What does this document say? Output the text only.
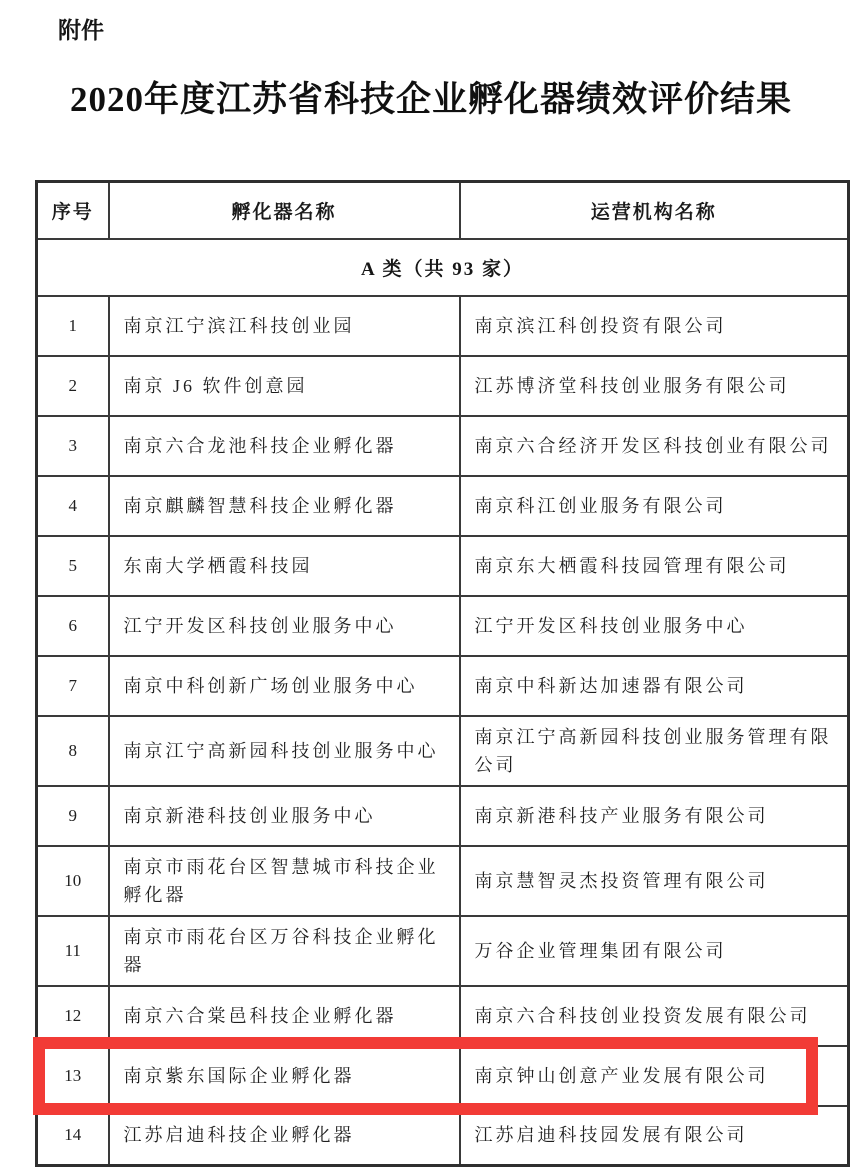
附件
2020年度江苏省科技企业孵化器绩效评价结果
序号	孵化器名称	运营机构名称
A 类（共 93 家）		
1	南京江宁滨江科技创业园	南京滨江科创投资有限公司
2	南京 J6 软件创意园	江苏博济堂科技创业服务有限公司
3	南京六合龙池科技企业孵化器	南京六合经济开发区科技创业有限公司
4	南京麒麟智慧科技企业孵化器	南京科江创业服务有限公司
5	东南大学栖霞科技园	南京东大栖霞科技园管理有限公司
6	江宁开发区科技创业服务中心	江宁开发区科技创业服务中心
7	南京中科创新广场创业服务中心	南京中科新达加速器有限公司
8	南京江宁高新园科技创业服务中心	南京江宁高新园科技创业服务管理有限公司
9	南京新港科技创业服务中心	南京新港科技产业服务有限公司
10	南京市雨花台区智慧城市科技企业孵化器	南京慧智灵杰投资管理有限公司
11	南京市雨花台区万谷科技企业孵化器	万谷企业管理集团有限公司
12	南京六合棠邑科技企业孵化器	南京六合科技创业投资发展有限公司
13	南京紫东国际企业孵化器	南京钟山创意产业发展有限公司
14	江苏启迪科技企业孵化器	江苏启迪科技园发展有限公司
